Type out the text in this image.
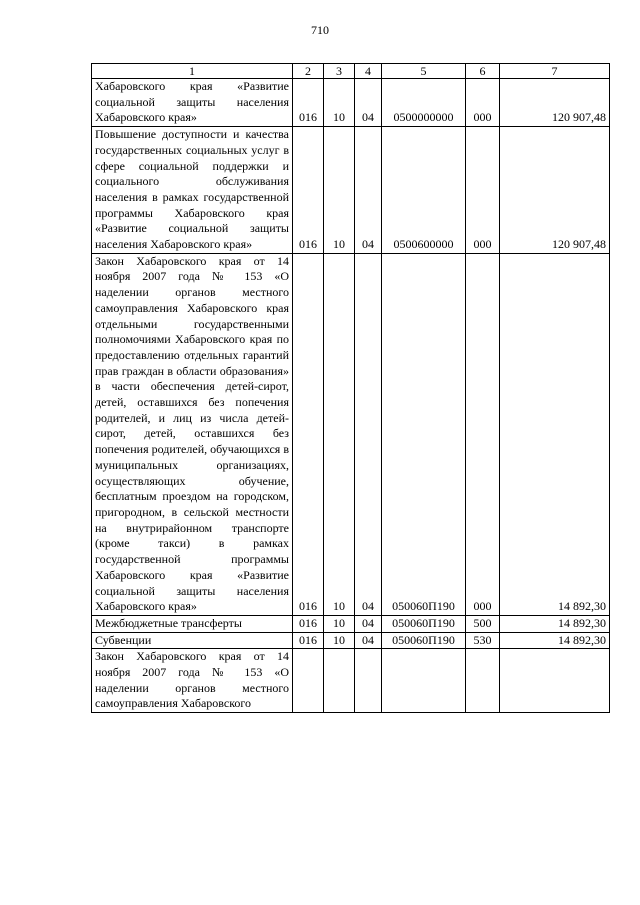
710
1	2	3	4	5	6	7

Хабаровского края «Развитие социальной защиты населения Хабаровского края»	016	10	04	0500000000	000	120 907,48

Повышение доступности и качества государственных социальных услуг в сфере социальной поддержки и социального обслуживания населения в рамках государственной программы Хабаровского края «Развитие социальной защиты населения Хабаровского края»	016	10	04	0500600000	000	120 907,48

Закон Хабаровского края от 14 ноября 2007 года № 153 «О наделении органов местного самоуправления Хабаровского края отдельными государственными полномочиями Хабаровского края по предоставлению отдельных гарантий прав граждан в области образования» в части обеспечения детей-сирот, детей, оставшихся без попечения родителей, и лиц из числа детей-сирот, детей, оставшихся без попечения родителей, обучающихся в муниципальных организациях, осуществляющих обучение, бесплатным проездом на городском, пригородном, в сельской местности на внутрирайонном транспорте (кроме такси) в рамках государственной программы Хабаровского края «Развитие социальной защиты населения Хабаровского края»	016	10	04	050060П190	000	14 892,30

Межбюджетные трансферты	016	10	04	050060П190	500	14 892,30

Субвенции	016	10	04	050060П190	530	14 892,30

Закон Хабаровского края от 14 ноября 2007 года № 153 «О наделении органов местного самоуправления Хабаровского						
